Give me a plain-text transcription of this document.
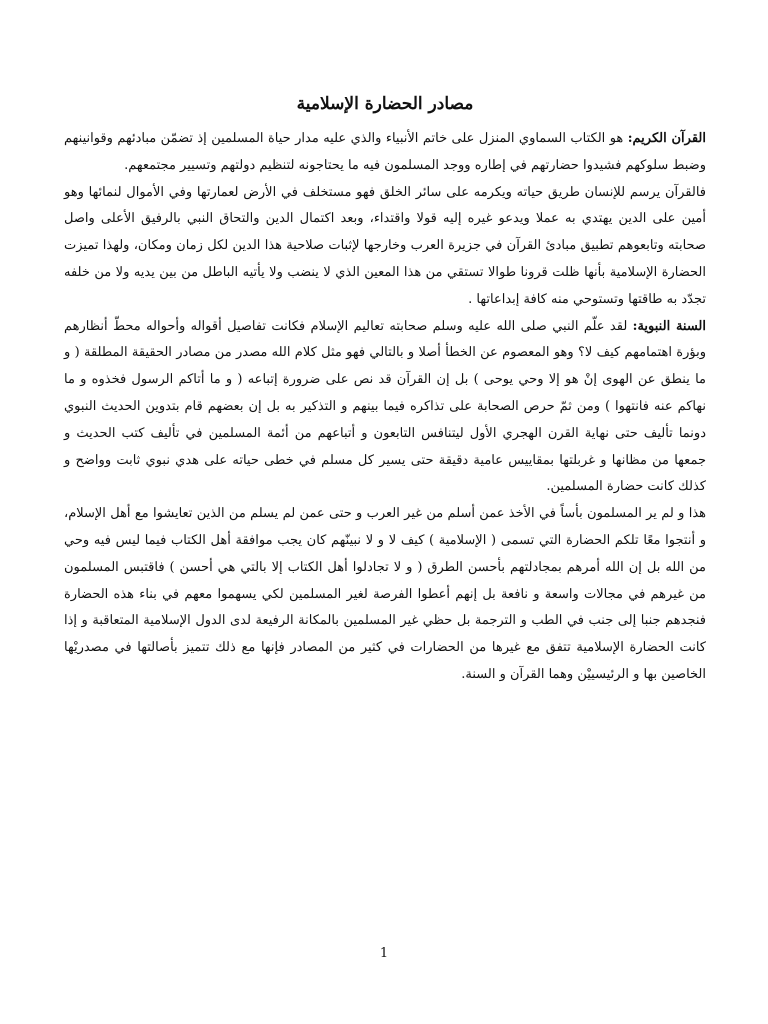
مصادر الحضارة الإسلامية

القرآن الكريم: هو الكتاب السماوي المنزل على خاتم الأنبياء والذي عليه مدار حياة المسلمين إذ تضمّن مبادئهم وقوانينهم وضبط سلوكهم فشيدوا حضارتهم في إطاره ووجد المسلمون فيه ما يحتاجونه لتنظيم دولتهم وتسيير مجتمعهم.

فالقرآن يرسم للإنسان طريق حياته ويكرمه على سائر الخلق فهو مستخلف في الأرض لعمارتها وفي الأموال لنمائها وهو أمين على الدين يهتدي به عملا ويدعو غيره إليه قولا واقتداء، وبعد اكتمال الدين والتحاق النبي بالرفيق الأعلى واصل صحابته وتابعوهم تطبيق مبادئ القرآن في جزيرة العرب وخارجها لإثبات صلاحية هذا الدين لكل زمان ومكان، ولهذا تميزت الحضارة الإسلامية بأنها ظلت قرونا طوالا تستقي من هذا المعين الذي لا ينضب ولا يأتيه الباطل من بين يديه ولا من خلفه تجدّد به طاقتها وتستوحي منه كافة إبداعاتها .

السنة النبوية: لقد علّم النبي صلى الله عليه وسلم صحابته تعاليم الإسلام فكانت تفاصيل أقواله وأحواله محطّ أنظارهم وبؤرة اهتمامهم كيف لا؟ وهو المعصوم عن الخطأ أصلا و بالتالي فهو مثل كلام الله مصدر من مصادر الحقيقة المطلقة ( و ما ينطق عن الهوى إنْ هو إلا وحي يوحى ) بل إن القرآن قد نص على ضرورة إتباعه ( و ما أتاكم الرسول فخذوه و ما نهاكم عنه فانتهوا ) ومن ثمّ حرص الصحابة على تذاكره فيما بينهم و التذكير به بل إن بعضهم قام بتدوين الحديث النبوي دونما تأليف حتى نهاية القرن الهجري الأول ليتنافس التابعون و أتباعهم من أئمة المسلمين في تأليف كتب الحديث و جمعها من مظانها و غربلتها بمقاييس عامية دقيقة حتى يسير كل مسلم في خطى حياته على هدي نبوي ثابت وواضح و كذلك كانت حضارة المسلمين.

هذا و لم ير المسلمون بأساً في الأخذ عمن أسلم من غير العرب و حتى عمن لم يسلم من الذين تعايشوا مع أهل الإسلام، و أنتجوا معًا تلكم الحضارة التي تسمى ( الإسلامية ) كيف لا و لا نبينّهم كان يجب موافقة أهل الكتاب فيما ليس فيه وحي من الله بل إن الله أمرهم بمجادلتهم بأحسن الطرق ( و لا تجادلوا أهل الكتاب إلا بالتي هي أحسن ) فاقتبس المسلمون من غيرهم في مجالات واسعة و نافعة بل إنهم أعطوا الفرصة لغير المسلمين لكي يسهموا معهم في بناء هذه الحضارة فنجدهم جنبا إلى جنب في الطب و الترجمة بل حظي غير المسلمين بالمكانة الرفيعة لدى الدول الإسلامية المتعاقبة و إذا كانت الحضارة الإسلامية تتفق مع غيرها من الحضارات في كثير من المصادر فإنها مع ذلك تتميز بأصالتها في مصدريْها الخاصين بها و الرئيسييْن وهما القرآن و السنة.

1
